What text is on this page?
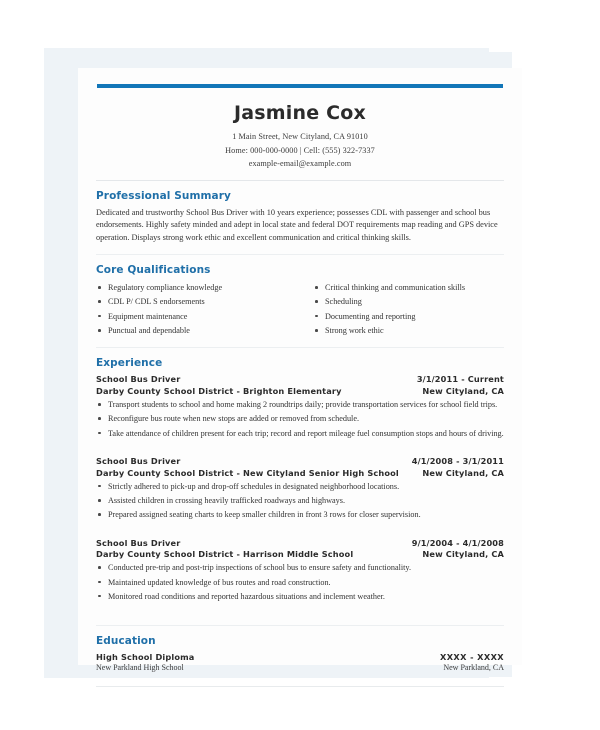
Jasmine Cox
1 Main Street, New Cityland, CA 91010
Home: 000-000-0000 | Cell: (555) 322-7337
example-email@example.com
Professional Summary
Dedicated and trustworthy School Bus Driver with 10 years experience; possesses CDL with passenger and school bus endorsements. Highly safety minded and adept in local state and federal DOT requirements map reading and GPS device operation. Displays strong work ethic and excellent communication and critical thinking skills.
Core Qualifications
Regulatory compliance knowledge
CDL P/ CDL S endorsements
Equipment maintenance
Punctual and dependable
Critical thinking and communication skills
Scheduling
Documenting and reporting
Strong work ethic
Experience
School Bus Driver
Darby County School District - Brighton Elementary
3/1/2011 - Current
New Cityland, CA
Transport students to school and home making 2 roundtrips daily; provide transportation services for school field trips.
Reconfigure bus route when new stops are added or removed from schedule.
Take attendance of children present for each trip; record and report mileage fuel consumption stops and hours of driving.
School Bus Driver
Darby County School District - New Cityland Senior High School
4/1/2008 - 3/1/2011
New Cityland, CA
Strictly adhered to pick-up and drop-off schedules in designated neighborhood locations.
Assisted children in crossing heavily trafficked roadways and highways.
Prepared assigned seating charts to keep smaller children in front 3 rows for closer supervision.
School Bus Driver
Darby County School District - Harrison Middle School
9/1/2004 - 4/1/2008
New Cityland, CA
Conducted pre-trip and post-trip inspections of school bus to ensure safety and functionality.
Maintained updated knowledge of bus routes and road construction.
Monitored road conditions and reported hazardous situations and inclement weather.
Education
High School Diploma
New Parkland High School
XXXX - XXXX
New Parkland, CA
